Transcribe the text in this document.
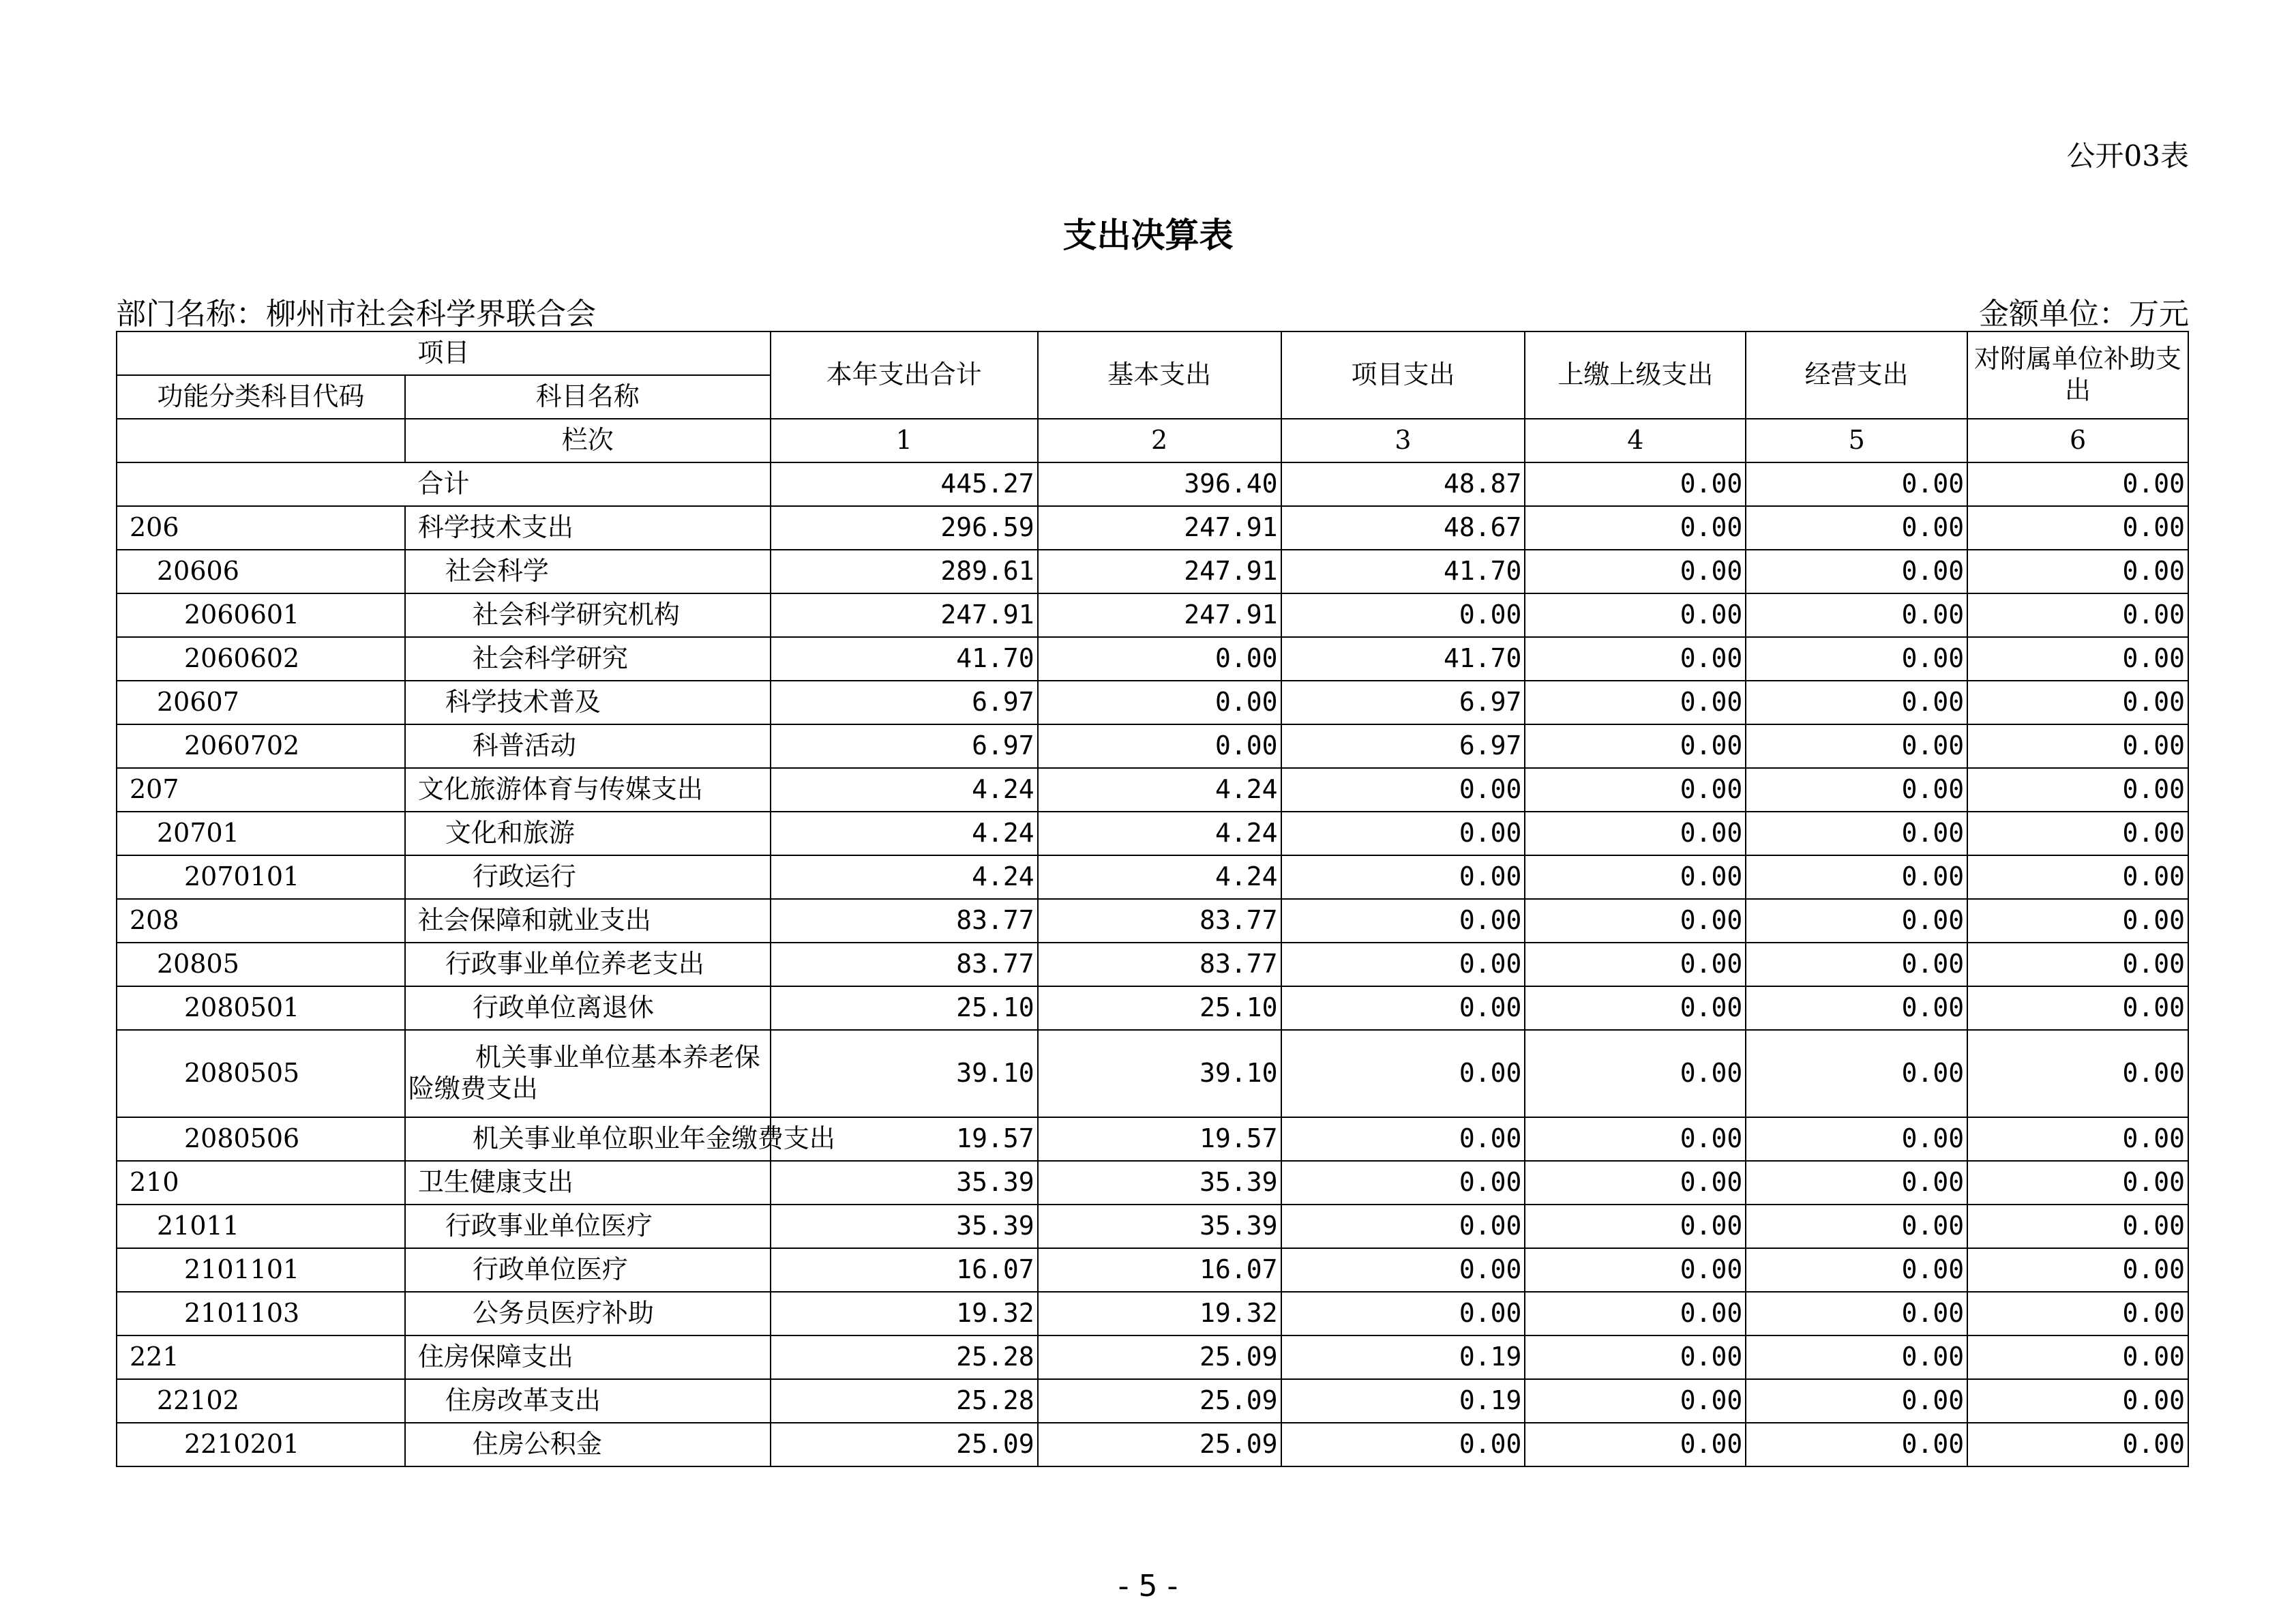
公开03表
支出决算表
部门名称：柳州市社会科学界联合会	金额单位：万元
项目		本年支出合计	基本支出	项目支出	上缴上级支出	经营支出	对附属单位补助支出
功能分类科目代码	科目名称						
	栏次	1	2	3	4	5	6
合计		445.27	396.40	48.87	0.00	0.00	0.00
206	科学技术支出	296.59	247.91	48.67	0.00	0.00	0.00
20606	社会科学	289.61	247.91	41.70	0.00	0.00	0.00
2060601	社会科学研究机构	247.91	247.91	0.00	0.00	0.00	0.00
2060602	社会科学研究	41.70	0.00	41.70	0.00	0.00	0.00
20607	科学技术普及	6.97	0.00	6.97	0.00	0.00	0.00
2060702	科普活动	6.97	0.00	6.97	0.00	0.00	0.00
207	文化旅游体育与传媒支出	4.24	4.24	0.00	0.00	0.00	0.00
20701	文化和旅游	4.24	4.24	0.00	0.00	0.00	0.00
2070101	行政运行	4.24	4.24	0.00	0.00	0.00	0.00
208	社会保障和就业支出	83.77	83.77	0.00	0.00	0.00	0.00
20805	行政事业单位养老支出	83.77	83.77	0.00	0.00	0.00	0.00
2080501	行政单位离退休	25.10	25.10	0.00	0.00	0.00	0.00
2080505	机关事业单位基本养老保险缴费支出	39.10	39.10	0.00	0.00	0.00	0.00
2080506	机关事业单位职业年金缴费支出	19.57	19.57	0.00	0.00	0.00	0.00
210	卫生健康支出	35.39	35.39	0.00	0.00	0.00	0.00
21011	行政事业单位医疗	35.39	35.39	0.00	0.00	0.00	0.00
2101101	行政单位医疗	16.07	16.07	0.00	0.00	0.00	0.00
2101103	公务员医疗补助	19.32	19.32	0.00	0.00	0.00	0.00
221	住房保障支出	25.28	25.09	0.19	0.00	0.00	0.00
22102	住房改革支出	25.28	25.09	0.19	0.00	0.00	0.00
2210201	住房公积金	25.09	25.09	0.00	0.00	0.00	0.00
- 5 -
